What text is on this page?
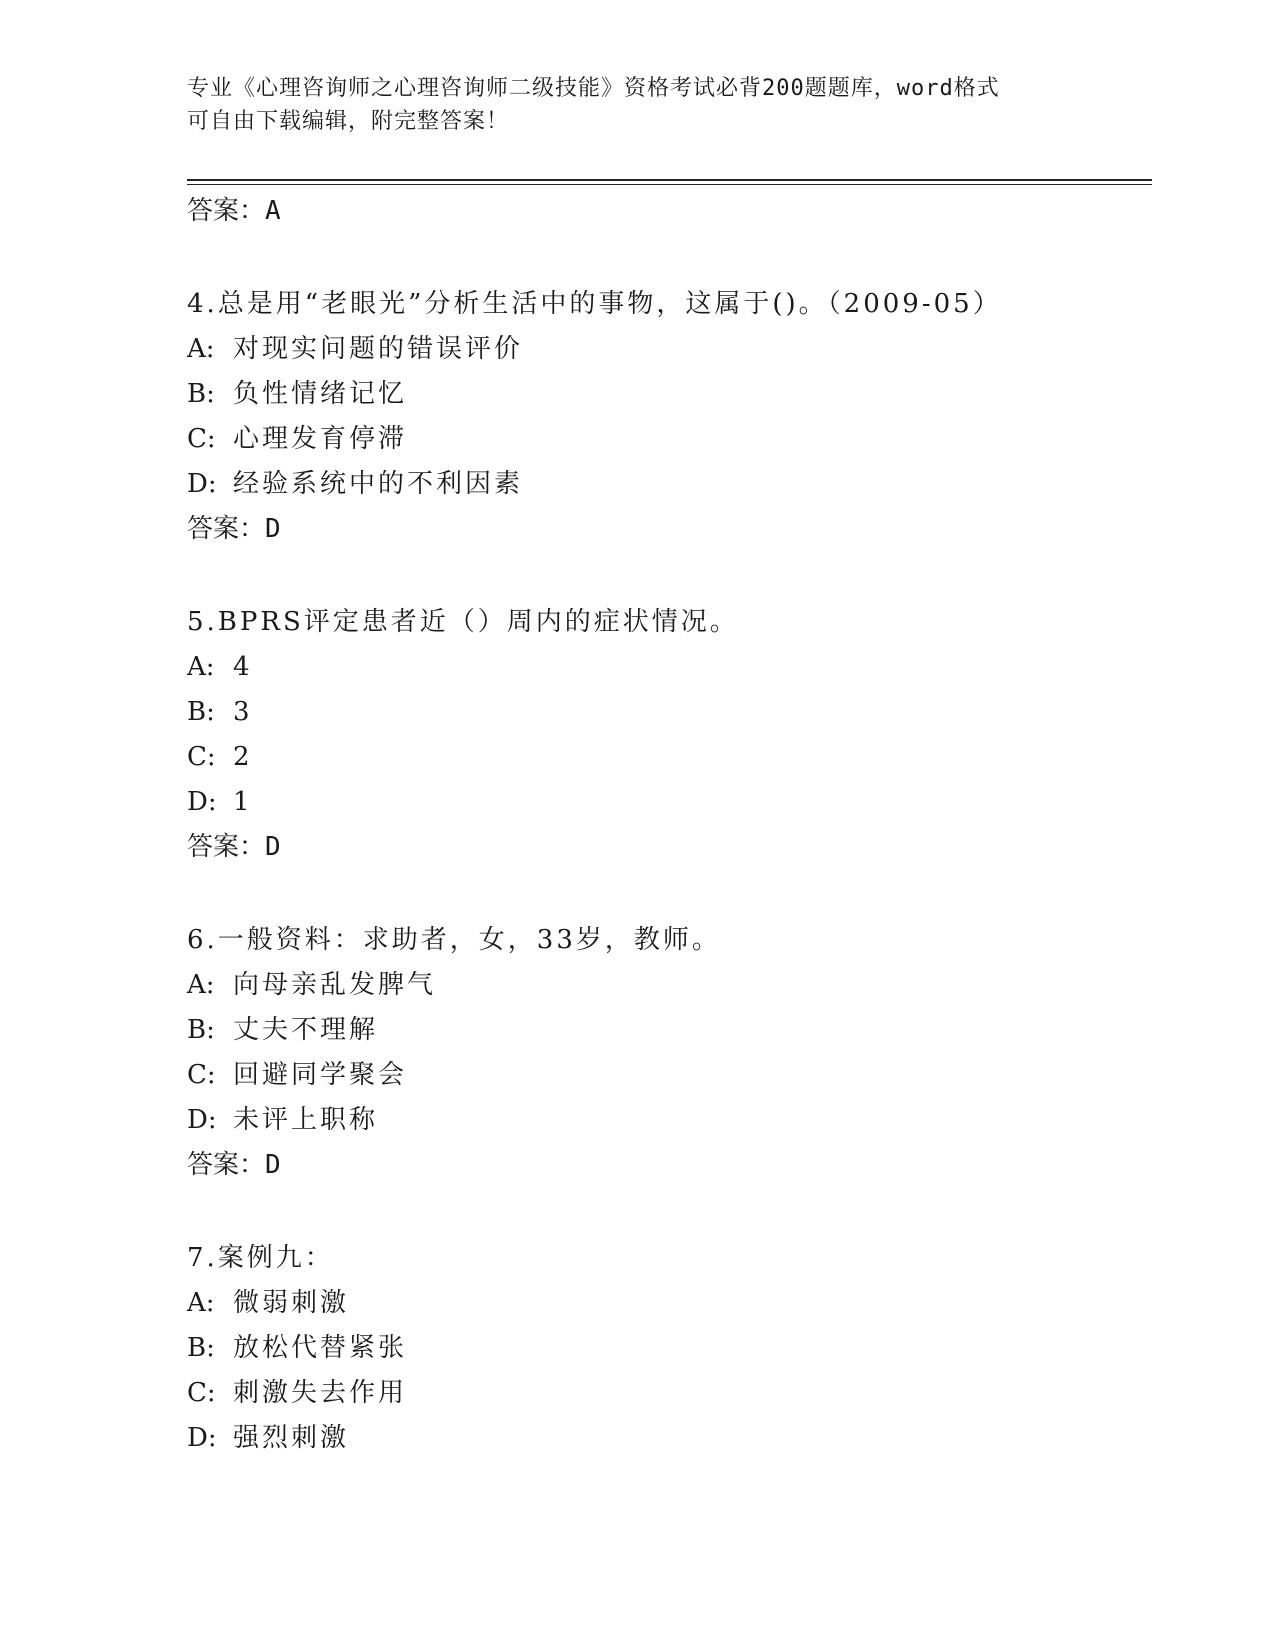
专业《心理咨询师之心理咨询师二级技能》资格考试必背200题题库，word格式
可自由下载编辑，附完整答案！
答案：A
4.总是用“老眼光”分析生活中的事物，这属于()。（2009-05）
A: 对现实问题的错误评价
B: 负性情绪记忆
C: 心理发育停滞
D: 经验系统中的不利因素
答案：D
5.BPRS评定患者近（）周内的症状情况。
A: 4
B: 3
C: 2
D: 1
答案：D
6.一般资料：求助者，女，33岁，教师。
A: 向母亲乱发脾气
B: 丈夫不理解
C: 回避同学聚会
D: 未评上职称
答案：D
7.案例九：
A: 微弱刺激
B: 放松代替紧张
C: 刺激失去作用
D: 强烈刺激
